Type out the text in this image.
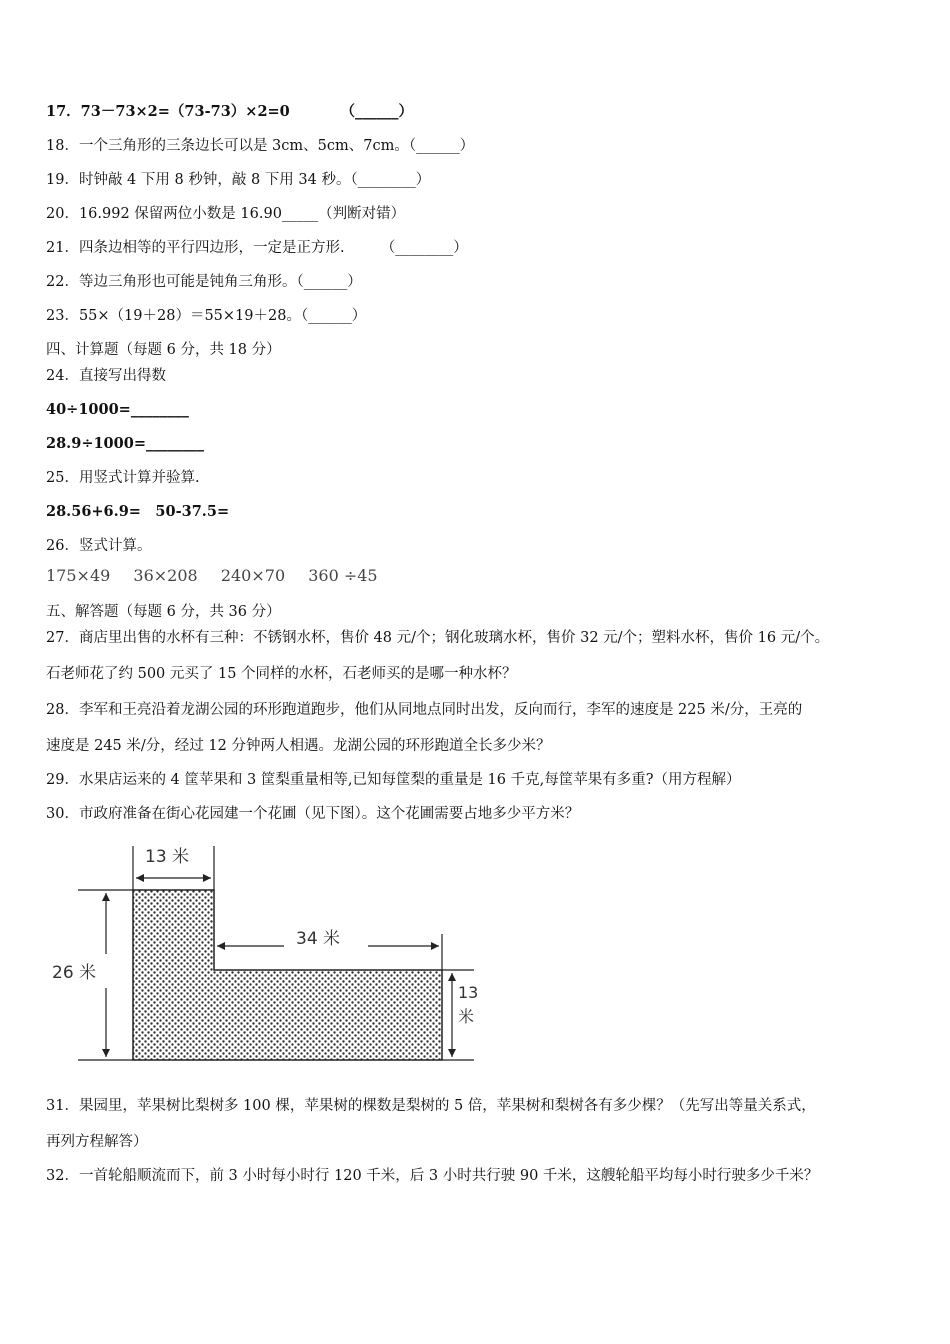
17．73－73×2=（73-73）×2=0　　　　（______）
18．一个三角形的三条边长可以是 3cm、5cm、7cm。（______）
19．时钟敲 4 下用 8 秒钟，敲 8 下用 34 秒。（________）
20．16.992 保留两位小数是 16.90_____（判断对错）
21．四条边相等的平行四边形，一定是正方形.　　　（________）
22．等边三角形也可能是钝角三角形。（______）
23．55×（19＋28）＝55×19＋28。（______）
四、计算题（每题 6 分，共 18 分）
24．直接写出得数
40÷1000=________
28.9÷1000=________
25．用竖式计算并验算.
28.56+6.9=　50-37.5=
26．竖式计算。
175×49 36×208 240×70 360 ÷45
五、解答题（每题 6 分，共 36 分）
27．商店里出售的水杯有三种：不锈钢水杯，售价 48 元/个；钢化玻璃水杯，售价 32 元/个；塑料水杯，售价 16 元/个。
石老师花了约 500 元买了 15 个同样的水杯，石老师买的是哪一种水杯？
28．李军和王亮沿着龙湖公园的环形跑道跑步，他们从同地点同时出发，反向而行，李军的速度是 225 米/分，王亮的
速度是 245 米/分，经过 12 分钟两人相遇。龙湖公园的环形跑道全长多少米？
29．水果店运来的 4 筐苹果和 3 筐梨重量相等,已知每筐梨的重量是 16 千克,每筐苹果有多重?（用方程解）
30．市政府准备在街心花园建一个花圃（见下图）。这个花圃需要占地多少平方米？
13 米
34 米
26 米
13
米
31．果园里，苹果树比梨树多 100 棵，苹果树的棵数是梨树的 5 倍，苹果树和梨树各有多少棵？（先写出等量关系式，
再列方程解答）
32．一首轮船顺流而下，前 3 小时每小时行 120 千米，后 3 小时共行驶 90 千米，这艘轮船平均每小时行驶多少千米？
